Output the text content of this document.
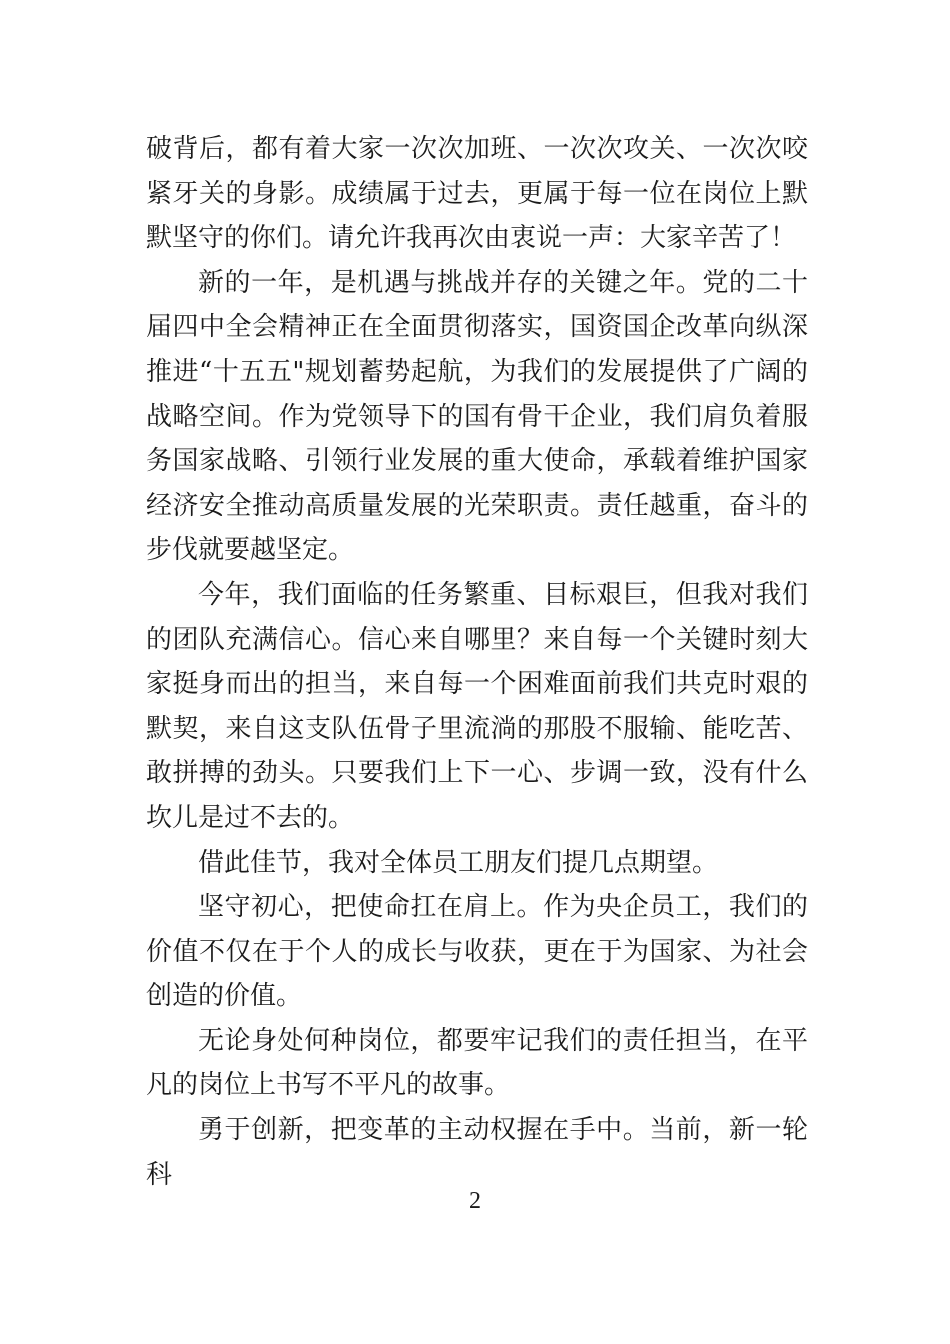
破背后，都有着大家一次次加班、一次次攻关、一次次咬紧牙关的身影。成绩属于过去，更属于每一位在岗位上默默坚守的你们。请允许我再次由衷说一声：大家辛苦了！

新的一年，是机遇与挑战并存的关键之年。党的二十届四中全会精神正在全面贯彻落实，国资国企改革向纵深推进“十五五"规划蓄势起航，为我们的发展提供了广阔的战略空间。作为党领导下的国有骨干企业，我们肩负着服务国家战略、引领行业发展的重大使命，承载着维护国家经济安全推动高质量发展的光荣职责。责任越重，奋斗的步伐就要越坚定。

今年，我们面临的任务繁重、目标艰巨，但我对我们的团队充满信心。信心来自哪里？来自每一个关键时刻大家挺身而出的担当，来自每一个困难面前我们共克时艰的默契，来自这支队伍骨子里流淌的那股不服输、能吃苦、敢拼搏的劲头。只要我们上下一心、步调一致，没有什么坎儿是过不去的。

借此佳节，我对全体员工朋友们提几点期望。

坚守初心，把使命扛在肩上。作为央企员工，我们的价值不仅在于个人的成长与收获，更在于为国家、为社会创造的价值。

无论身处何种岗位，都要牢记我们的责任担当，在平凡的岗位上书写不平凡的故事。

勇于创新，把变革的主动权握在手中。当前，新一轮科

2
